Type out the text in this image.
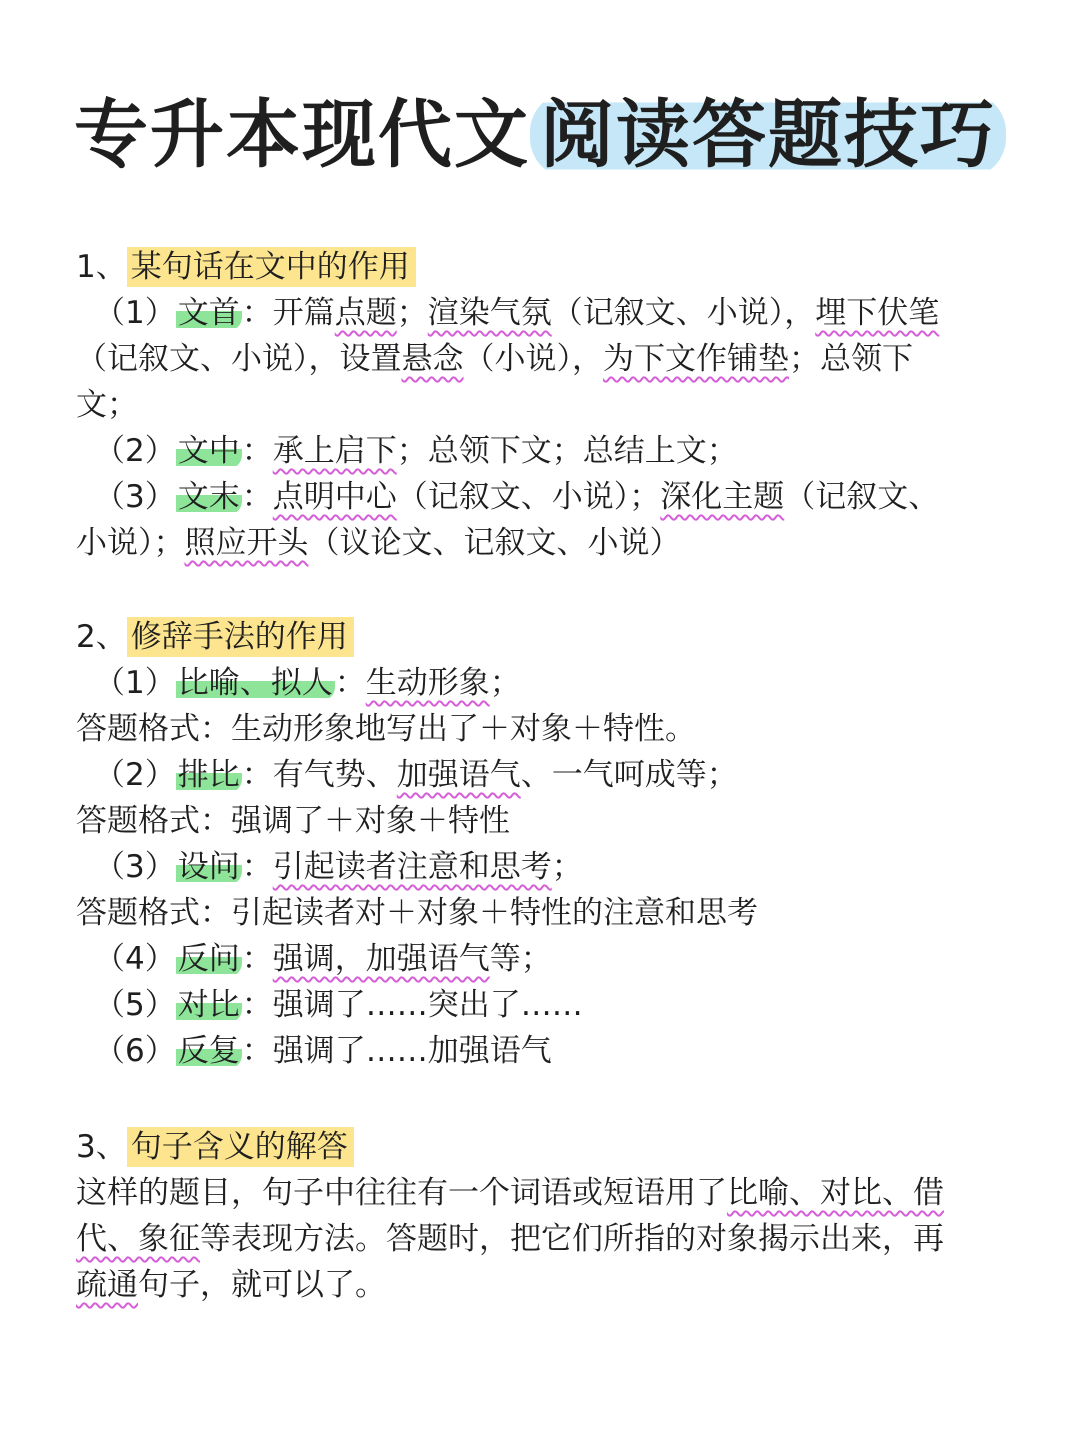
专升本现代文 阅读答题技巧
1、 某句话在文中的作用
（1）文首：开篇点题；渲染气氛（记叙文、小说），埋下伏笔
（记叙文、小说），设置悬念（小说），为下文作铺垫；总领下
文；
（2）文中：承上启下；总领下文；总结上文；
（3）文末：点明中心（记叙文、小说）；深化主题（记叙文、
小说）；照应开头（议论文、记叙文、小说）
2、 修辞手法的作用
（1）比喻、拟人：生动形象；
答题格式：生动形象地写出了＋对象＋特性。
（2）排比：有气势、加强语气、一气呵成等；
答题格式：强调了＋对象＋特性
（3）设问：引起读者注意和思考；
答题格式：引起读者对＋对象＋特性的注意和思考
（4）反问：强调，加强语气等；
（5）对比：强调了……突出了……
（6）反复：强调了……加强语气
3、 句子含义的解答
这样的题目，句子中往往有一个词语或短语用了比喻、对比、借
代、象征等表现方法。答题时，把它们所指的对象揭示出来，再
疏通句子，就可以了。
